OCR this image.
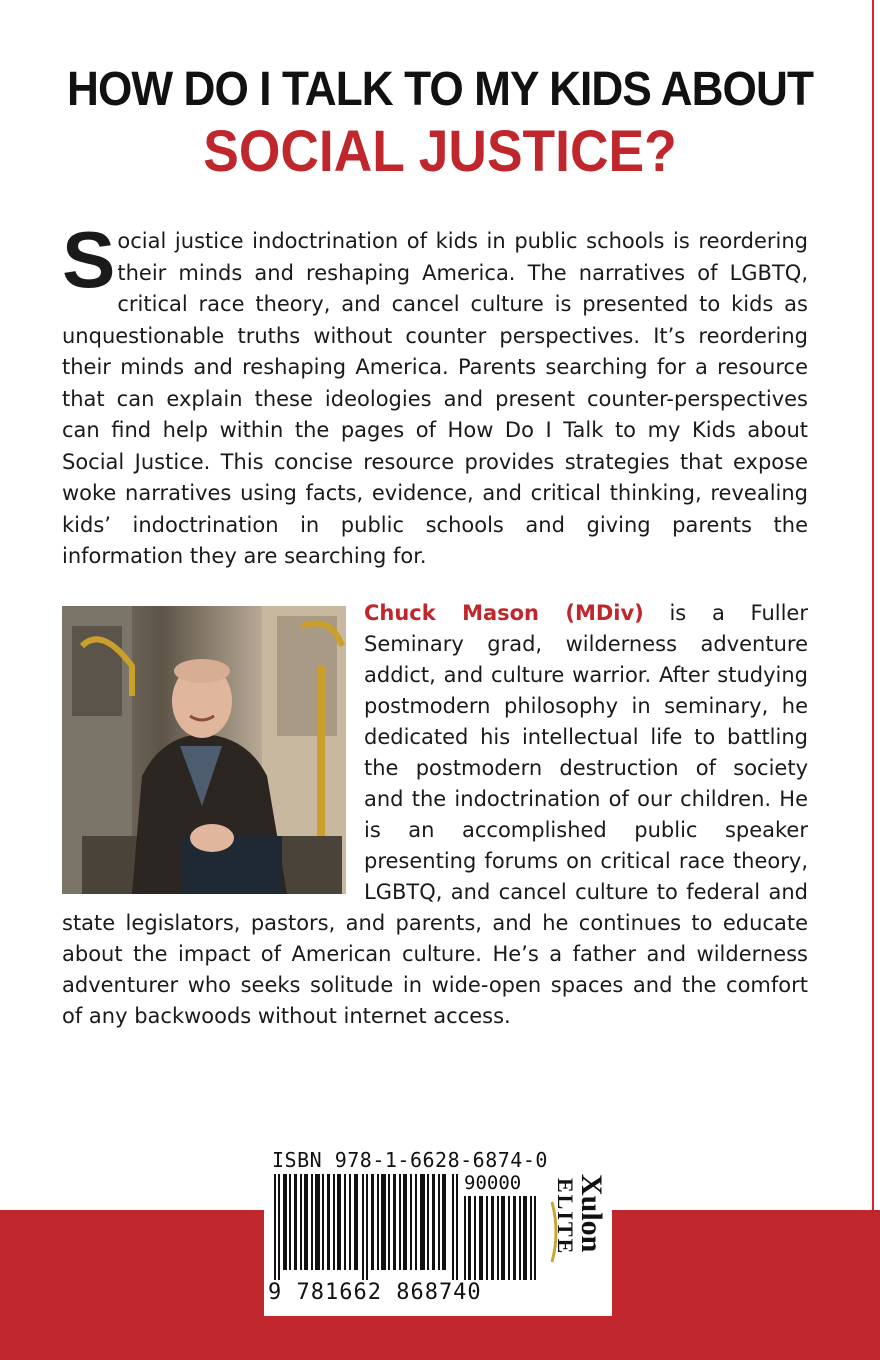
HOW DO I TALK TO MY KIDS ABOUT
SOCIAL JUSTICE?
Social justice indoctrination of kids in public schools is reordering their minds and reshaping America. The narratives of LGBTQ, critical race theory, and cancel culture is presented to kids as unquestionable truths without counter perspectives. It’s reordering their minds and reshaping America. Parents searching for a resource that can explain these ideologies and present counter-perspectives can find help within the pages of How Do I Talk to my Kids about Social Justice. This concise resource provides strategies that expose woke narratives using facts, evidence, and critical thinking, revealing kids’ indoctrination in public schools and giving parents the information they are searching for.
Chuck Mason (MDiv) is a Fuller Seminary grad, wilderness adventure addict, and culture warrior. After studying postmodern philosophy in seminary, he dedicated his intellectual life to battling the postmodern destruction of society and the indoctrination of our children. He is an accomplished public speaker presenting forums on critical race theory, LGBTQ, and cancel culture to federal and state legislators, pastors, and parents, and he continues to educate about the impact of American culture. He’s a father and wilderness adventurer who seeks solitude in wide-open spaces and the comfort of any backwoods without internet access.
ISBN 978-1-6628-6874-0
90000
9 781662 868740
Xulon
ELITE
